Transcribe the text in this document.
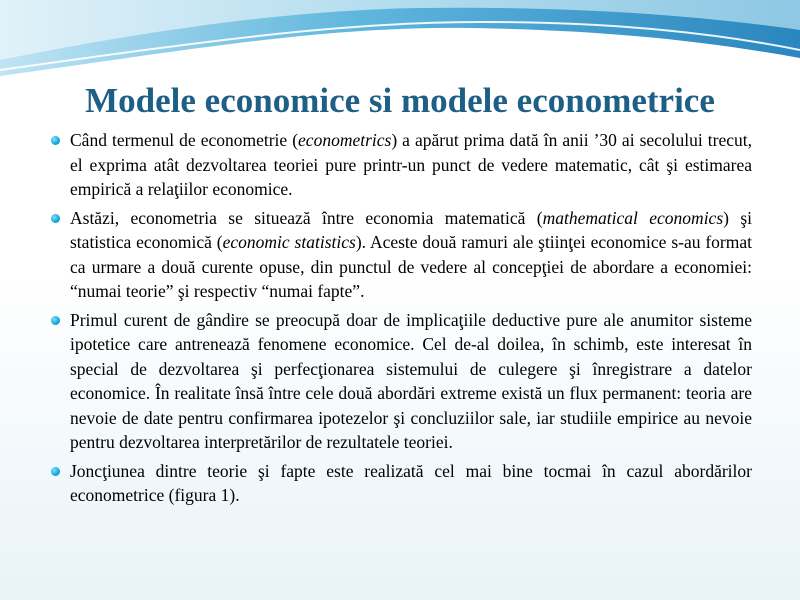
Modele economice si modele econometrice
Când termenul de econometrie (econometrics) a apărut prima dată în anii ’30 ai secolului trecut, el exprima atât dezvoltarea teoriei pure printr-un punct de vedere matematic, cât şi estimarea empirică a relaţiilor economice.
Astăzi, econometria se situează între economia matematică (mathematical economics) şi statistica economică (economic statistics). Aceste două ramuri ale ştiinţei economice s-au format ca urmare a două curente opuse, din punctul de vedere al concepţiei de abordare a economiei: “numai teorie” şi respectiv “numai fapte”.
Primul curent de gândire se preocupă doar de implicaţiile deductive pure ale anumitor sisteme ipotetice care antrenează fenomene economice. Cel de-al doilea, în schimb, este interesat în special de dezvoltarea şi perfecţionarea sistemului de culegere şi înregistrare a datelor economice. În realitate însă între cele două abordări extreme există un flux permanent: teoria are nevoie de date pentru confirmarea ipotezelor şi concluziilor sale, iar studiile empirice au nevoie pentru dezvoltarea interpretărilor de rezultatele teoriei.
Joncţiunea dintre teorie şi fapte este realizată cel mai bine tocmai în cazul abordărilor econometrice (figura 1).
